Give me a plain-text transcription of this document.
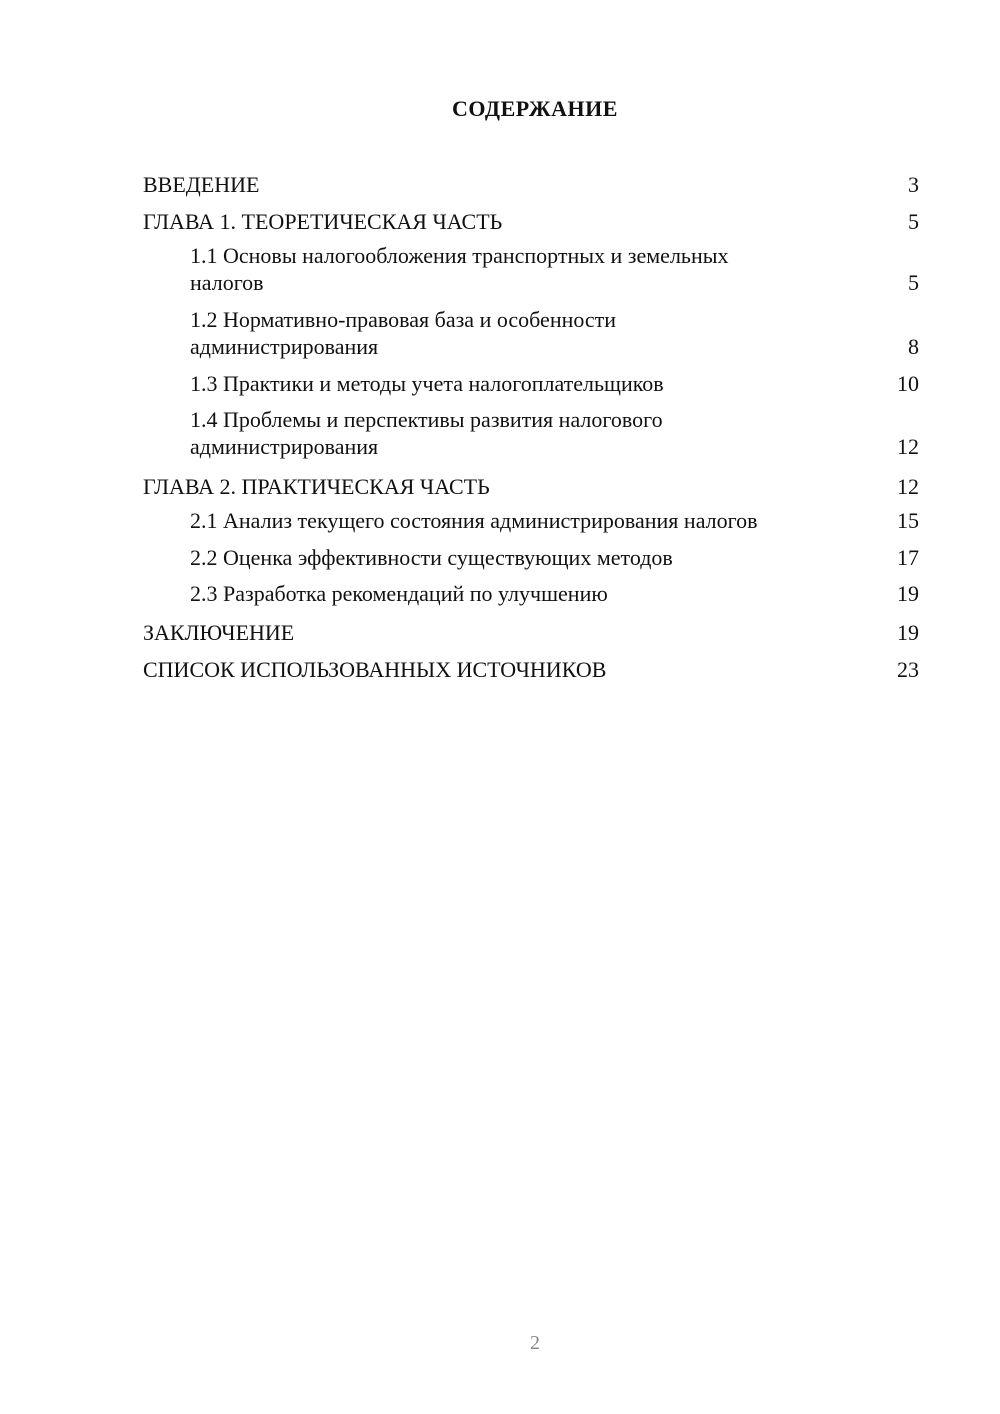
СОДЕРЖАНИЕ
ВВЕДЕНИЕ	3
ГЛАВА 1. ТЕОРЕТИЧЕСКАЯ ЧАСТЬ	5
1.1 Основы налогообложения транспортных и земельных налогов	5
1.2 Нормативно-правовая база и особенности администрирования	8
1.3 Практики и методы учета налогоплательщиков	10
1.4 Проблемы и перспективы развития налогового администрирования	12
ГЛАВА 2. ПРАКТИЧЕСКАЯ ЧАСТЬ	12
2.1 Анализ текущего состояния администрирования налогов	15
2.2 Оценка эффективности существующих методов	17
2.3 Разработка рекомендаций по улучшению	19
ЗАКЛЮЧЕНИЕ	19
СПИСОК ИСПОЛЬЗОВАННЫХ ИСТОЧНИКОВ	23
2
